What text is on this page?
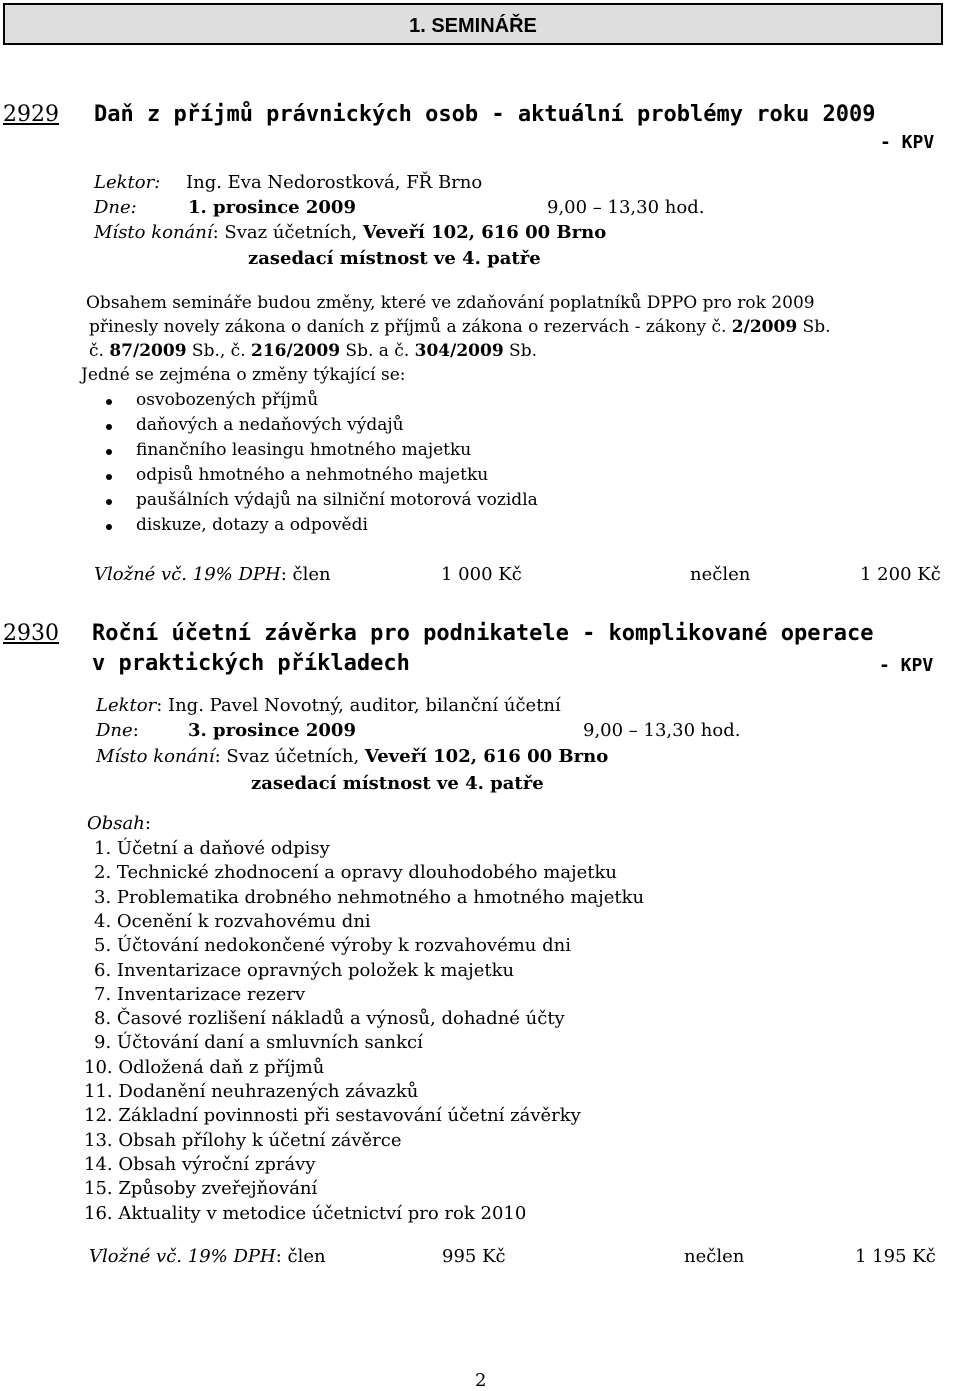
1. SEMINÁŘE
2929 Daň z příjmů právnických osob - aktuální problémy roku 2009
- KPV
Lektor: Ing. Eva Nedorostková, FŘ Brno
Dne:	1. prosince 2009	9,00 – 13,30 hod.
Místo konání: Svaz účetních, Veveří 102, 616 00 Brno
zasedací místnost ve 4. patře
Obsahem semináře budou změny, které ve zdaňování poplatníků DPPO pro rok 2009
přinesly novely zákona o daních z příjmů a zákona o rezervách - zákony č. 2/2009 Sb.
č. 87/2009 Sb., č. 216/2009 Sb. a č. 304/2009 Sb.
Jedné se zejména o změny týkající se:
osvobozených příjmů
daňových a nedaňových výdajů
finančního leasingu hmotného majetku
odpisů hmotného a nehmotného majetku
paušálních výdajů na silniční motorová vozidla
diskuze, dotazy a odpovědi
Vložné vč. 19% DPH: člen	1 000 Kč	nečlen	1 200 Kč
2930 Roční účetní závěrka pro podnikatele - komplikované operace
v praktických příkladech	- KPV
Lektor: Ing. Pavel Novotný, auditor, bilanční účetní
Dne:	3. prosince 2009	9,00 – 13,30 hod.
Místo konání: Svaz účetních, Veveří 102, 616 00 Brno
zasedací místnost ve 4. patře
Obsah:
1. Účetní a daňové odpisy
2. Technické zhodnocení a opravy dlouhodobého majetku
3. Problematika drobného nehmotného a hmotného majetku
4. Ocenění k rozvahovému dni
5. Účtování nedokončené výroby k rozvahovému dni
6. Inventarizace opravných položek k majetku
7. Inventarizace rezerv
8. Časové rozlišení nákladů a výnosů, dohadné účty
9. Účtování daní a smluvních sankcí
10. Odložená daň z příjmů
11. Dodanění neuhrazených závazků
12. Základní povinnosti při sestavování účetní závěrky
13. Obsah přílohy k účetní závěrce
14. Obsah výroční zprávy
15. Způsoby zveřejňování
16. Aktuality v metodice účetnictví pro rok 2010
Vložné vč. 19% DPH: člen	995 Kč	nečlen	1 195 Kč
2
